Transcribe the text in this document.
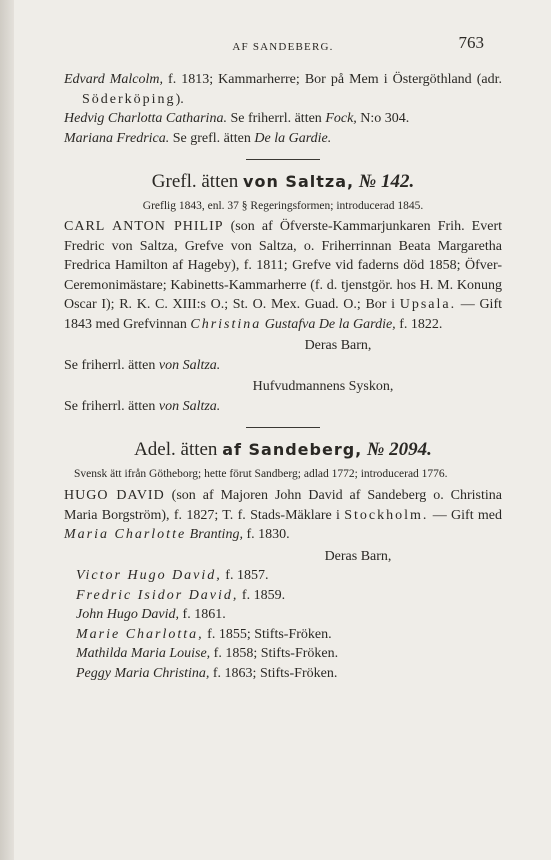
AF SANDEBERG.	763

Edvard Malcolm, f. 1813; Kammarherre; Bor på Mem i Östergöthland (adr. Söderköping).

Hedvig Charlotta Catharina. Se friherrl. ätten Fock, N:o 304.

Mariana Fredrica. Se grefl. ätten De la Gardie.

Grefl. ätten von Saltza, № 142.
Greflig 1843, enl. 37 § Regeringsformen; introducerad 1845.

CARL ANTON PHILIP (son af Öfverste-Kammarjunkaren Frih. Evert Fredric von Saltza, Grefve von Saltza, o. Friherrinnan Beata Margaretha Fredrica Hamilton af Hageby), f. 1811; Grefve vid faderns död 1858; Öfver-Ceremonimästare; Kabinetts-Kammarherre (f. d. tjenstgör. hos H. M. Konung Oscar I); R. K. C. XIII:s O.; St. O. Mex. Guad. O.; Bor i Upsala. — Gift 1843 med Grefvinnan Christina Gustafva De la Gardie, f. 1822.

Deras Barn,
Se friherrl. ätten von Saltza.
Hufvudmannens Syskon,
Se friherrl. ätten von Saltza.
Adel. ätten af Sandeberg, № 2094.
Svensk ätt ifrån Götheborg; hette förut Sandberg; adlad 1772; introducerad 1776.

HUGO DAVID (son af Majoren John David af Sandeberg o. Christina Maria Borgström), f. 1827; T. f. Stads-Mäklare i Stockholm. — Gift med Maria Charlotte Branting, f. 1830.

Deras Barn,
Victor Hugo David, f. 1857.
Fredric Isidor David, f. 1859.
John Hugo David, f. 1861.
Marie Charlotta, f. 1855; Stifts-Fröken.
Mathilda Maria Louise, f. 1858; Stifts-Fröken.
Peggy Maria Christina, f. 1863; Stifts-Fröken.
